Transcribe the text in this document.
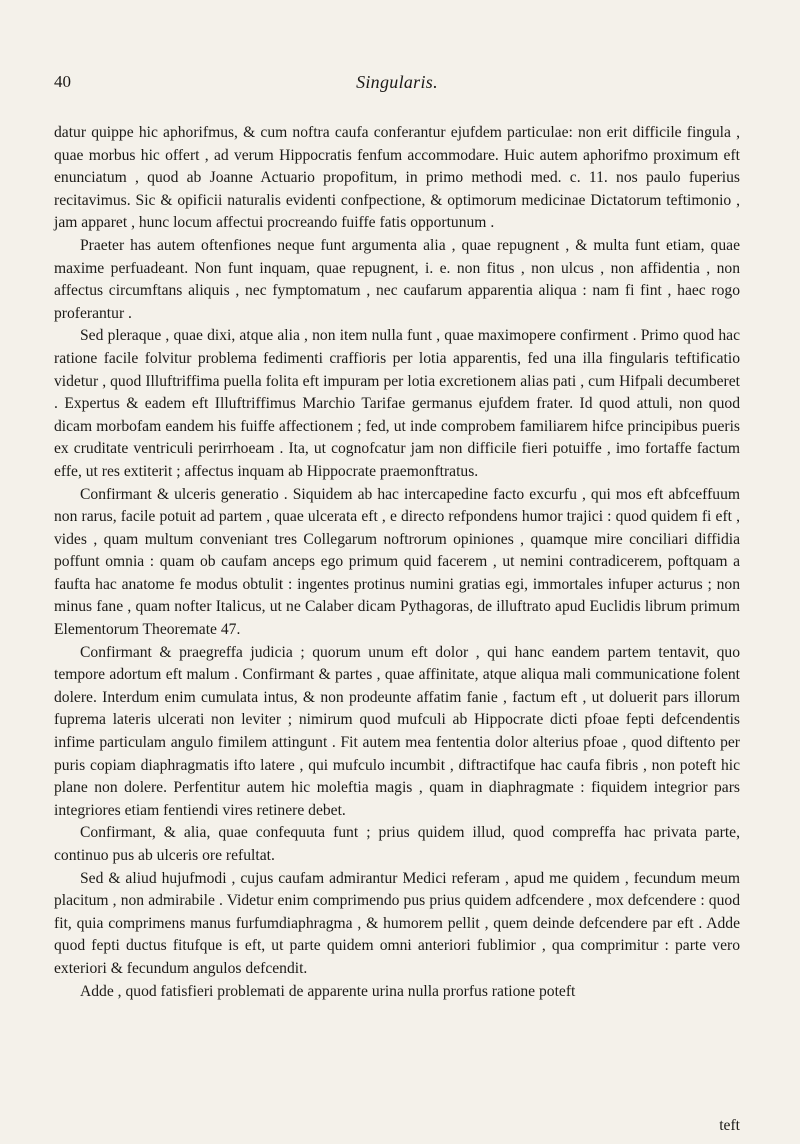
40	Singularis.

datur quippe hic aphorifmus, & cum noftra caufa conferantur ejufdem particulae: non erit difficile fingula , quae morbus hic offert , ad verum Hippocratis fenfum accommodare. Huic autem aphorifmo proximum eft enunciatum , quod ab Joanne Actuario propofitum, in primo methodi med. c. 11. nos paulo fuperius recitavimus. Sic & opificii naturalis evidenti confpectione, & optimorum medicinae Dictatorum teftimonio , jam apparet , hunc locum affectui procreando fuiffe fatis opportunum .

Praeter has autem oftenfiones neque funt argumenta alia , quae repugnent , & multa funt etiam, quae maxime perfuadeant. Non funt inquam, quae repugnent, i. e. non fitus , non ulcus , non affidentia , non affectus circumftans aliquis , nec fymptomatum , nec caufarum apparentia aliqua : nam fi fint , haec rogo proferantur .

Sed pleraque , quae dixi, atque alia , non item nulla funt , quae maximopere confirment . Primo quod hac ratione facile folvitur problema fedimenti craffioris per lotia apparentis, fed una illa fingularis teftificatio videtur , quod Illuftriffima puella folita eft impuram per lotia excretionem alias pati , cum Hifpali decumberet . Expertus & eadem eft Illuftriffimus Marchio Tarifae germanus ejufdem frater. Id quod attuli, non quod dicam morbofam eandem his fuiffe affectionem ; fed, ut inde comprobem familiarem hifce principibus pueris ex cruditate ventriculi perirrhoeam . Ita, ut cognofcatur jam non difficile fieri potuiffe , imo fortaffe factum effe, ut res extiterit ; affectus inquam ab Hippocrate praemonftratus.

Confirmant & ulceris generatio . Siquidem ab hac intercapedine facto excurfu , qui mos eft abfceffuum non rarus, facile potuit ad partem , quae ulcerata eft , e directo refpondens humor trajici : quod quidem fi eft , vides , quam multum conveniant tres Collegarum noftrorum opiniones , quamque mire conciliari diffidia poffunt omnia : quam ob caufam anceps ego primum quid facerem , ut nemini contradicerem, poftquam a faufta hac anatome fe modus obtulit : ingentes protinus numini gratias egi, immortales infuper acturus ; non minus fane , quam nofter Italicus, ut ne Calaber dicam Pythagoras, de illuftrato apud Euclidis librum primum Elementorum Theoremate 47.

Confirmant & praegreffa judicia ; quorum unum eft dolor , qui hanc eandem partem tentavit, quo tempore adortum eft malum . Confirmant & partes , quae affinitate, atque aliqua mali communicatione folent dolere. Interdum enim cumulata intus, & non prodeunte affatim fanie , factum eft , ut doluerit pars illorum fuprema lateris ulcerati non leviter ; nimirum quod mufculi ab Hippocrate dicti pfoae fepti defcendentis infime particulam angulo fimilem attingunt . Fit autem mea fententia dolor alterius pfoae , quod diftento per puris copiam diaphragmatis ifto latere , qui mufculo incumbit , diftractifque hac caufa fibris , non poteft hic plane non dolere. Perfentitur autem hic moleftia magis , quam in diaphragmate : fiquidem integrior pars integriores etiam fentiendi vires retinere debet.

Confirmant, & alia, quae confequuta funt ; prius quidem illud, quod compreffa hac privata parte, continuo pus ab ulceris ore refultat.

Sed & aliud hujufmodi , cujus caufam admirantur Medici referam , apud me quidem , fecundum meum placitum , non admirabile . Videtur enim comprimendo pus prius quidem adfcendere , mox defcendere : quod fit, quia comprimens manus furfumdiaphragma , & humorem pellit , quem deinde defcendere par eft . Adde quod fepti ductus fitufque is eft, ut parte quidem omni anteriori fublimior , qua comprimitur : parte vero exteriori & fecundum angulos defcendit.

Adde , quod fatisfieri problemati de apparente urina nulla prorfus ratione poteft

teft
